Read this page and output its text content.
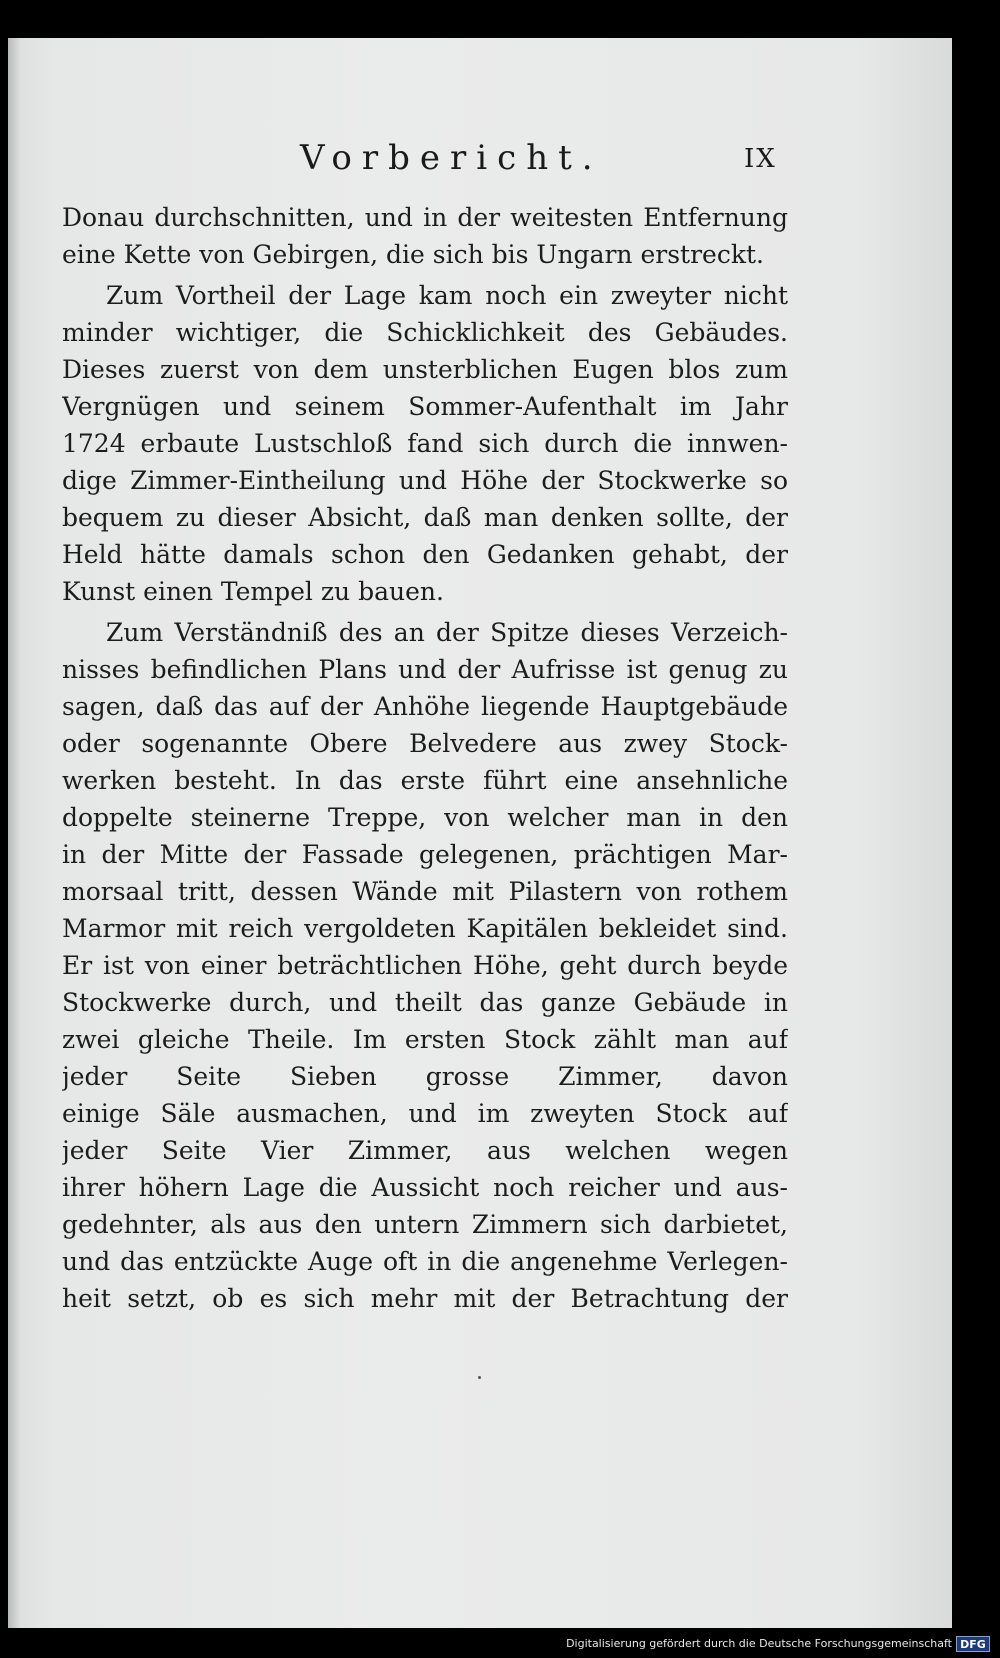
Vorbericht.	IX
Donau durchschnitten, und in der weitesten Entfernung
eine Kette von Gebirgen, die sich bis Ungarn erstreckt.
Zum Vortheil der Lage kam noch ein zweyter nicht
minder wichtiger, die Schicklichkeit des Gebäudes.
Dieses zuerst von dem unsterblichen Eugen blos zum
Vergnügen und seinem Sommer-Aufenthalt im Jahr
1724 erbaute Lustschloß fand sich durch die innwen-
dige Zimmer-Eintheilung und Höhe der Stockwerke so
bequem zu dieser Absicht, daß man denken sollte, der
Held hätte damals schon den Gedanken gehabt, der
Kunst einen Tempel zu bauen.
Zum Verständniß des an der Spitze dieses Verzeich-
nisses befindlichen Plans und der Aufrisse ist genug zu
sagen, daß das auf der Anhöhe liegende Hauptgebäude
oder sogenannte Obere Belvedere aus zwey Stock-
werken besteht. In das erste führt eine ansehnliche
doppelte steinerne Treppe, von welcher man in den
in der Mitte der Fassade gelegenen, prächtigen Mar-
morsaal tritt, dessen Wände mit Pilastern von rothem
Marmor mit reich vergoldeten Kapitälen bekleidet sind.
Er ist von einer beträchtlichen Höhe, geht durch beyde
Stockwerke durch, und theilt das ganze Gebäude in
zwei gleiche Theile. Im ersten Stock zählt man auf
jeder Seite Sieben grosse Zimmer, davon
einige Säle ausmachen, und im zweyten Stock auf
jeder Seite Vier Zimmer, aus welchen wegen
ihrer höhern Lage die Aussicht noch reicher und aus-
gedehnter, als aus den untern Zimmern sich darbietet,
und das entzückte Auge oft in die angenehme Verlegen-
heit setzt, ob es sich mehr mit der Betrachtung der
Digitalisierung gefördert durch die Deutsche Forschungsgemeinschaft DFG
